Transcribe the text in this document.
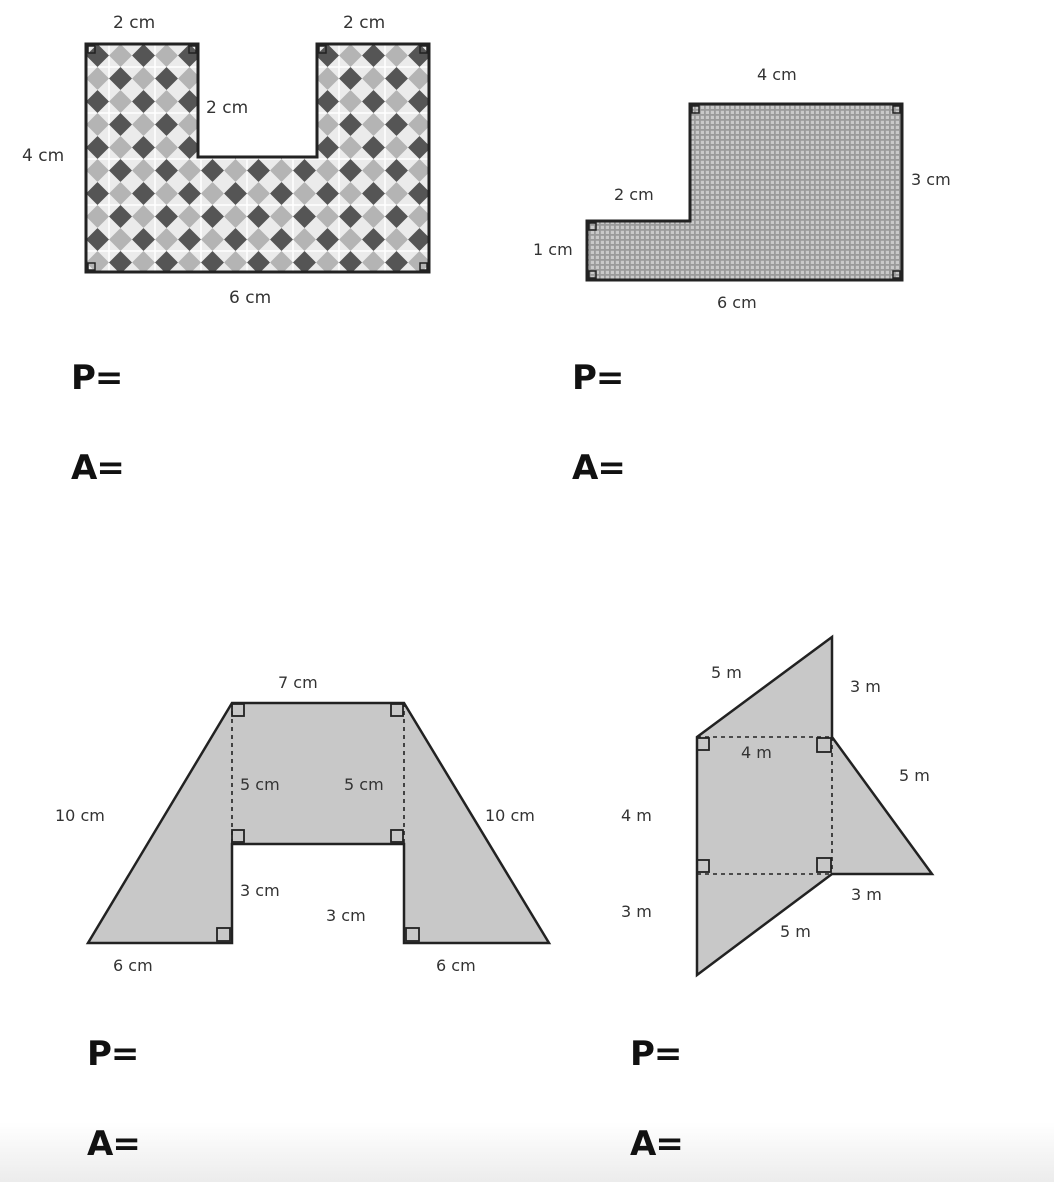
2 cm	2 cm
2 cm
4 cm
6 cm
4 cm
3 cm
2 cm
1 cm
6 cm
7 cm
5 cm	5 cm
10 cm	10 cm
3 cm
3 cm
6 cm	6 cm
5 m
3 m
4 m
5 m
4 m
3 m
3 m
5 m
P=
A=
P=
A=
P=
A=
P=
A=
